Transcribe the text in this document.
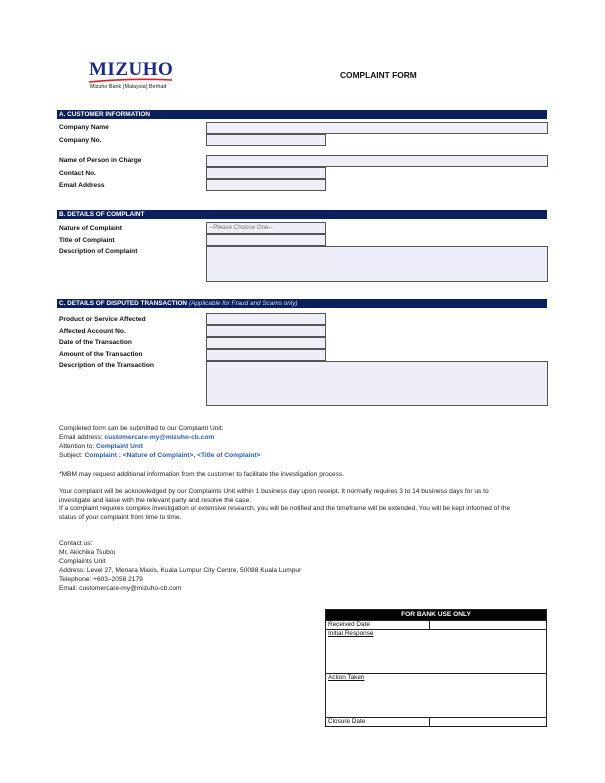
MIZUHO
Mizuho Bank (Malaysia) Berhad
COMPLAINT FORM
A. CUSTOMER INFORMATION
Company Name
Company No.
Name of Person in Charge
Contact No.
Email Address
B. DETAILS OF COMPLAINT
Nature of Complaint	--Please Choose One--
Title of Complaint
Description of Complaint
C. DETAILS OF DISPUTED TRANSACTION (Applicable for Fraud and Scams only)
Product or Service Affected
Affected Account No.
Date of the Transaction
Amount of the Transaction
Description of the Transaction
Completed form can be submitted to our Complaint Unit:
Email address: customercare-my@mizuho-cb.com
Attention to: Complaint Unit
Subject: Complaint : <Nature of Complaint>, <Title of Complaint>
*MBM may request additional information from the customer to facilitate the investigation process.
Your complaint will be acknowledged by our Complaints Unit within 1 business day upon receipt. It normally requires 3 to 14 business days for us to
investigate and liaise with the relevant party and resolve the case.
If a complaint requires complex investigation or extensive research, you will be notified and the timeframe will be extended. You will be kept informed of the
status of your complaint from time to time.
Contact us:
Mr. Akichika Tsuboi
Complaints Unit
Address: Level 27, Menara Maxis, Kuala Lumpur City Centre, 50088 Kuala Lumpur
Telephone: +603–2058 2179
Email: customercare-my@mizuho-cb.com
FOR BANK USE ONLY
Received Date
Initial Response
Action Taken
Closure Date
